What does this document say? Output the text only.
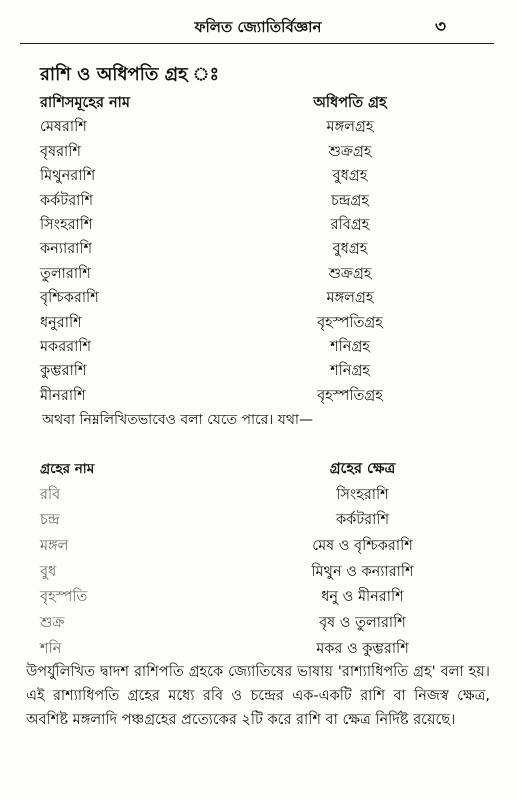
ফলিত জ্যোতির্বিজ্ঞান	৩
রাশি ও অধিপতি গ্রহ ঃ
রাশিসমূহের নাম	অধিপতি গ্রহ
মেষরাশি	মঙ্গলগ্রহ
বৃষরাশি	শুক্রগ্রহ
মিথুনরাশি	বুধগ্রহ
কর্কটরাশি	চন্দ্রগ্রহ
সিংহরাশি	রবিগ্রহ
কন্যারাশি	বুধগ্রহ
তুলারাশি	শুক্রগ্রহ
বৃশ্চিকরাশি	মঙ্গলগ্রহ
ধনুরাশি	বৃহস্পতিগ্রহ
মকররাশি	শনিগ্রহ
কুম্ভরাশি	শনিগ্রহ
মীনরাশি	বৃহস্পতিগ্রহ
অথবা নিম্নলিখিতভাবেও বলা যেতে পারে। যথা—
গ্রহের নাম	গ্রহের ক্ষেত্র
রবি	সিংহরাশি
চন্দ্র	কর্কটরাশি
মঙ্গল	মেষ ও বৃশ্চিকরাশি
বুধ	মিথুন ও কন্যারাশি
বৃহস্পতি	ধনু ও মীনরাশি
শুক্র	বৃষ ও তুলারাশি
শনি	মকর ও কুম্ভরাশি
উপর্যুলিখিত দ্বাদশ রাশিপতি গ্রহকে জ্যোতিষের ভাষায় 'রাশ্যাধিপতি গ্রহ' বলা হয়। এই রাশ্যাধিপতি গ্রহের মধ্যে রবি ও চন্দ্রের এক-একটি রাশি বা নিজস্ব ক্ষেত্র, অবশিষ্ট মঙ্গলাদি পঞ্চগ্রহের প্রত্যেকের ২টি করে রাশি বা ক্ষেত্র নির্দিষ্ট রয়েছে।
